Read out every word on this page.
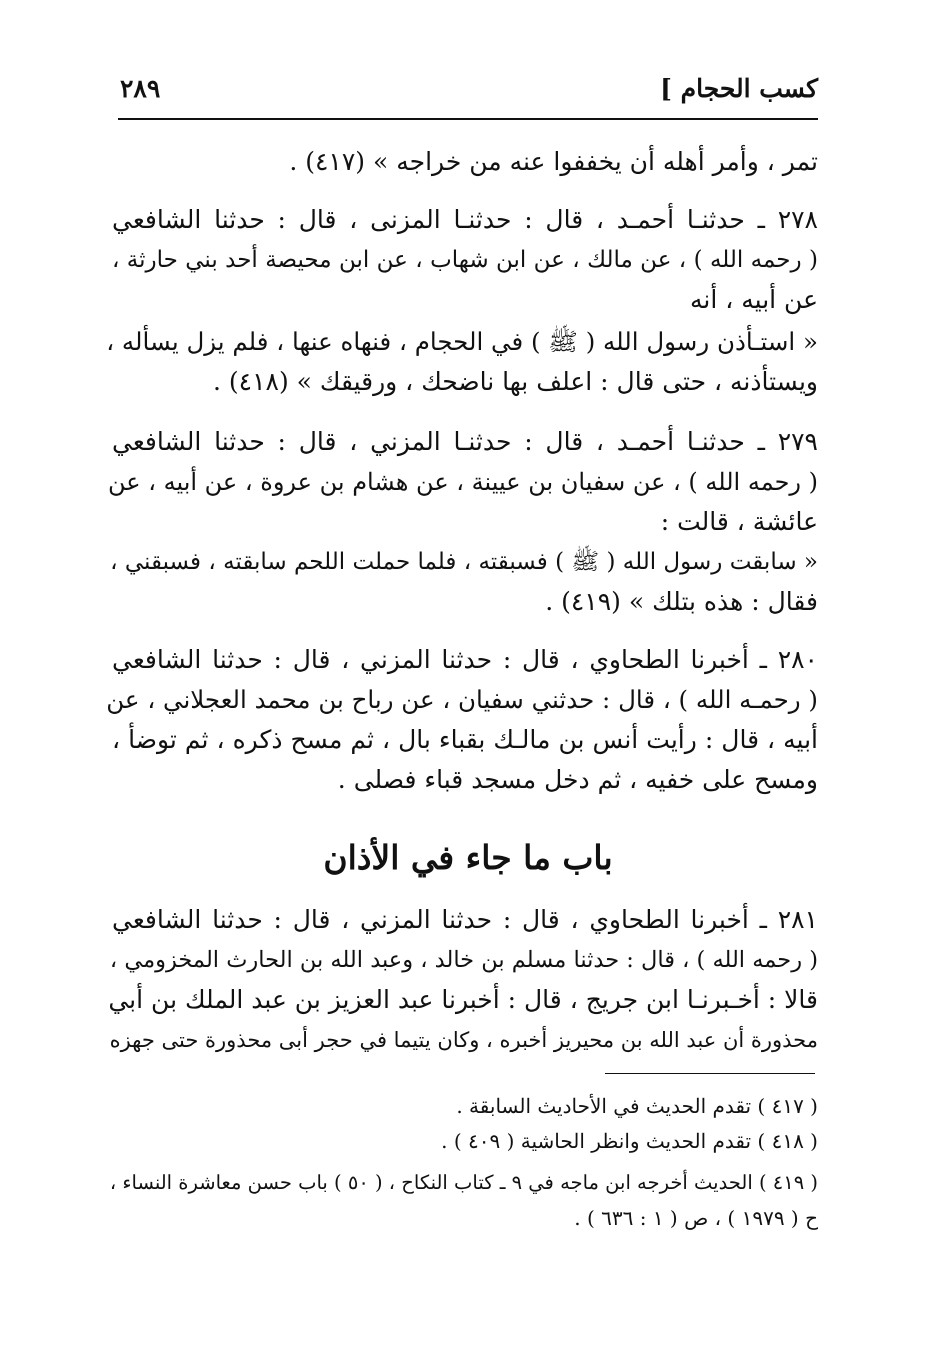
كسب الحجام ]
٢٨٩
تمر ، وأمر أهله أن يخففوا عنه من خراجه » (٤١٧) .
٢٧٨ ـ حدثنـا أحمـد ، قال : حدثنـا المزنى ، قال : حدثنا الشافعي
( رحمه الله ) ، عن مالك ، عن ابن شهاب ، عن ابن محيصة أحد بني حارثة ،
عن أبيه ، أنه
« استـأذن رسول الله ( ﷺ ) في الحجام ، فنهاه عنها ، فلم يزل يسأله ،
ويستأذنه ، حتى قال : اعلف بها ناضحك ، ورقيقك » (٤١٨) .
٢٧٩ ـ حدثنـا أحمـد ، قال : حدثنـا المزني ، قال : حدثنا الشافعي
( رحمه الله ) ، عن سفيان بن عيينة ، عن هشام بن عروة ، عن أبيه ، عن
عائشة ، قالت :
« سابقت رسول الله ( ﷺ ) فسبقته ، فلما حملت اللحم سابقته ، فسبقني ،
فقال : هذه بتلك » (٤١٩) .
٢٨٠ ـ أخبرنا الطحاوي ، قال : حدثنا المزني ، قال : حدثنا الشافعي
( رحمـه الله ) ، قال : حدثني سفيان ، عن رباح بن محمد العجلاني ، عن
أبيه ، قال : رأيت أنس بن مالـك بقباء بال ، ثم مسح ذكره ، ثم توضأ ،
ومسح على خفيه ، ثم دخل مسجد قباء فصلى .
باب ما جاء في الأذان
٢٨١ ـ أخبرنا الطحاوي ، قال : حدثنا المزني ، قال : حدثنا الشافعي
( رحمه الله ) ، قال : حدثنا مسلم بن خالد ، وعبد الله بن الحارث المخزومي ،
قالا : أخـبرنـا ابن جريج ، قال : أخبرنا عبد العزيز بن عبد الملك بن أبي
محذورة أن عبد الله بن محيريز أخبره ، وكان يتيما في حجر أبى محذورة حتى جهزه
( ٤١٧ ) تقدم الحديث في الأحاديث السابقة .
( ٤١٨ ) تقدم الحديث وانظر الحاشية ( ٤٠٩ ) .
( ٤١٩ ) الحديث أخرجه ابن ماجه في ٩ ـ كتاب النكاح ، ( ٥٠ ) باب حسن معاشرة النساء ،
ح ( ١٩٧٩ ) ، ص ( ١ : ٦٣٦ ) .
